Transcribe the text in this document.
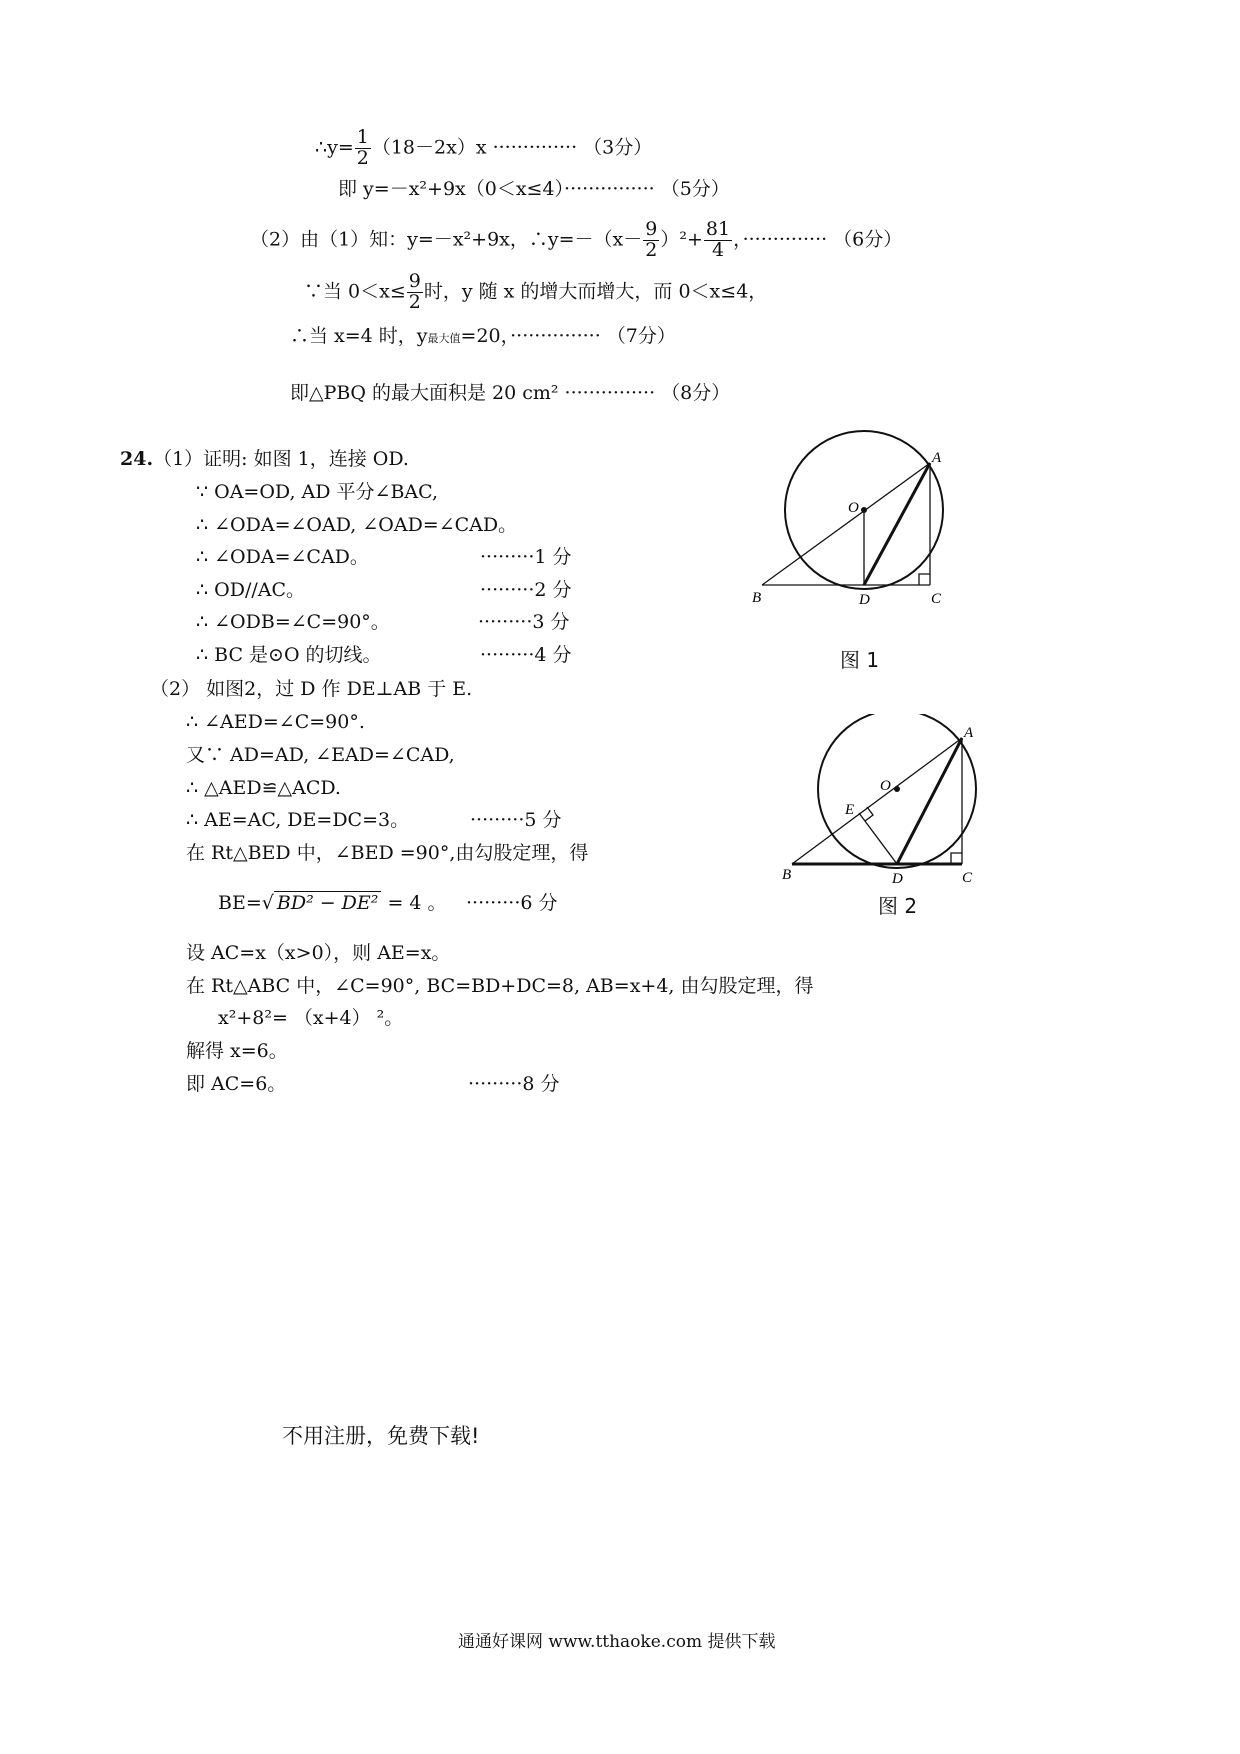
∴y= $\frac{1}{2} (18-2x)x$ ·············· （3分）
即 y=－x²+9x（0＜x≤4）··············· （5分）
（2）由（1）知：y=－x²+9x，∴y=－（x－ $\frac{9}{2} )^2+ \frac{81}{4}$ ，·············· （6分）
∵当 $0<x\le \frac{9}{2}$ 时，y 随 x 的增大而增大，而 0＜x≤4，
∴当 x=4 时，y最大值=20，··············· （7分）
即△PBQ 的最大面积是 20 cm² ··············· （8分）
24.（1）证明: 如图 1，连接 OD.
∵ OA=OD, AD 平分∠BAC,
∴ ∠ODA=∠OAD, ∠OAD=∠CAD。
∴ ∠ODA=∠CAD。	·········1 分
∴ OD//AC。	·········2 分
∴ ∠ODB=∠C=90°。	·········3 分
∴ BC 是⊙O 的切线。	·········4 分
（2） 如图2，过 D 作 DE⊥AB 于 E.
∴ ∠AED=∠C=90°.
又∵ AD=AD, ∠EAD=∠CAD,
∴ △AED≌△ACD.
∴ AE=AC, DE=DC=3。	·········5 分
在 Rt△BED 中，∠BED =90°,由勾股定理，得
BE=√ BD² − DE² = 4 。 ·········6 分
设 AC=x（x>0），则 AE=x。
在 Rt△ABC 中，∠C=90°, BC=BD+DC=8, AB=x+4, 由勾股定理，得
x²+8²= （x+4） ²。
解得 x=6。
即 AC=6。	·········8 分
A
O
B	D	C
图 1
A
O
E
B	D	C
图 2
不用注册，免费下载!
通通好课网 www.tthaoke.com 提供下载
